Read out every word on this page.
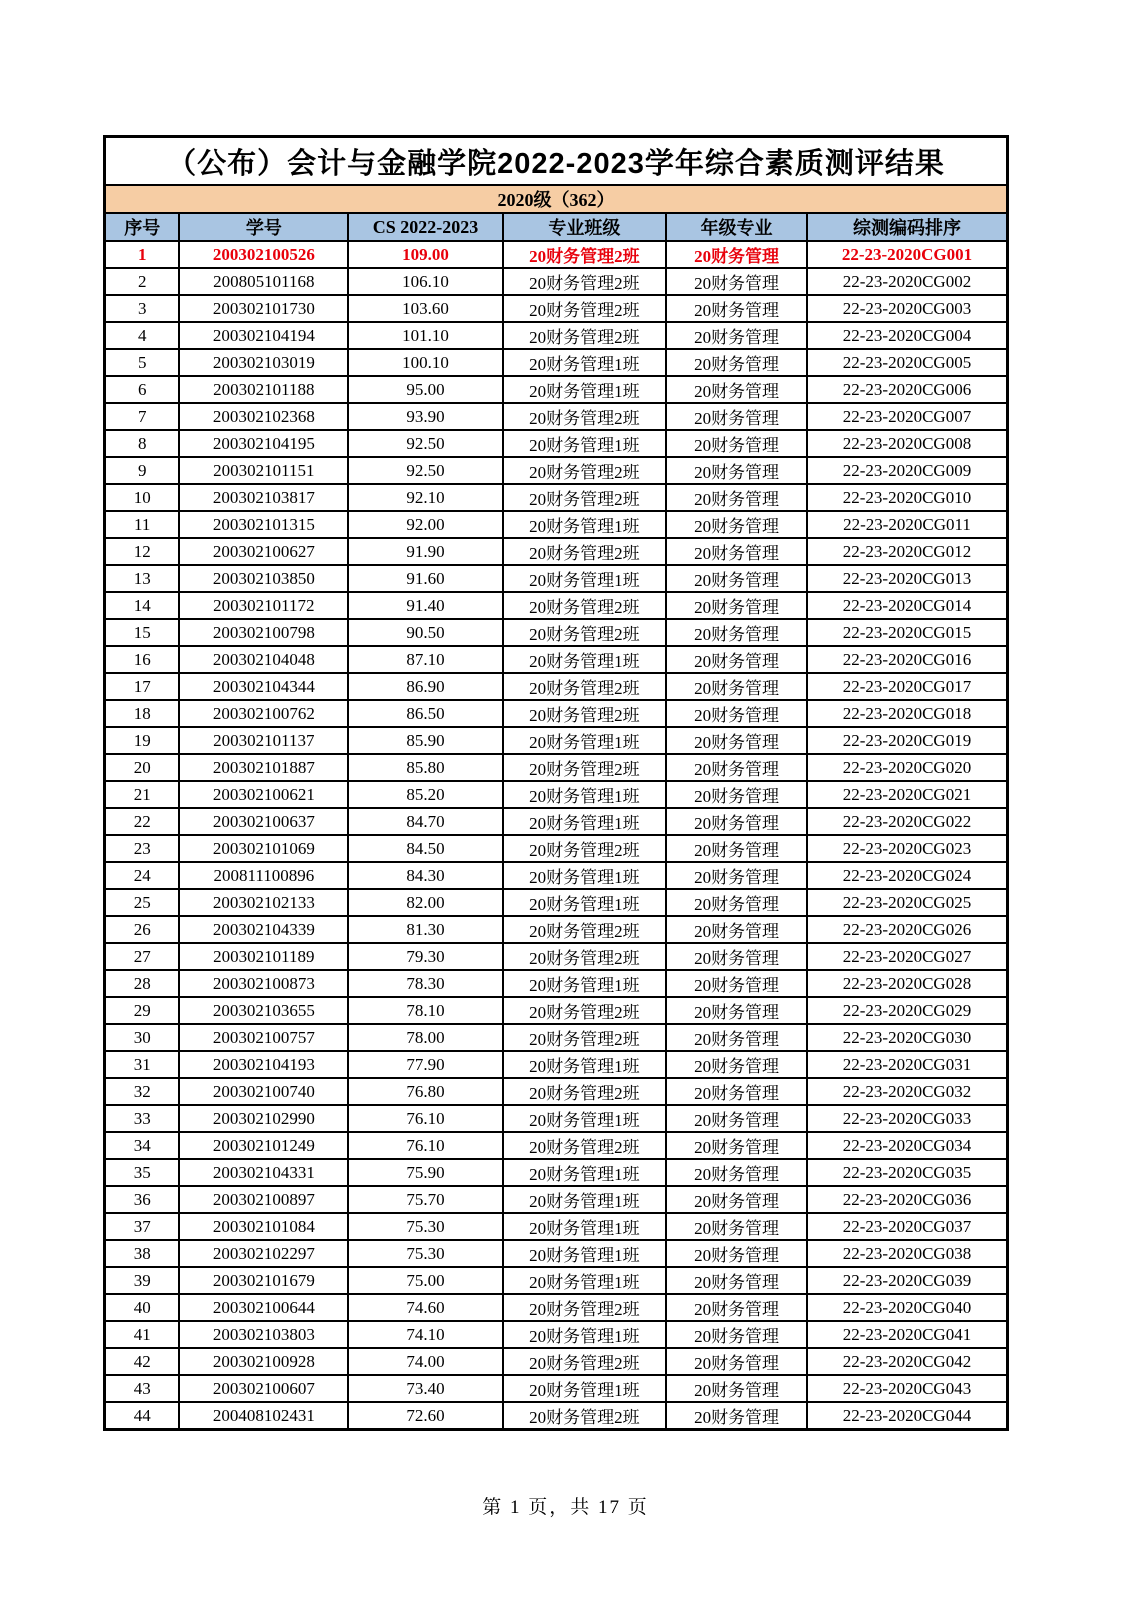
（公布）会计与金融学院2022-2023学年综合素质测评结果					
2020级（362）					
序号	学号	CS 2022-2023	专业班级	年级专业	综测编码排序
1	200302100526	109.00	20财务管理2班	20财务管理	22-23-2020CG001
2	200805101168	106.10	20财务管理2班	20财务管理	22-23-2020CG002
3	200302101730	103.60	20财务管理2班	20财务管理	22-23-2020CG003
4	200302104194	101.10	20财务管理2班	20财务管理	22-23-2020CG004
5	200302103019	100.10	20财务管理1班	20财务管理	22-23-2020CG005
6	200302101188	95.00	20财务管理1班	20财务管理	22-23-2020CG006
7	200302102368	93.90	20财务管理2班	20财务管理	22-23-2020CG007
8	200302104195	92.50	20财务管理1班	20财务管理	22-23-2020CG008
9	200302101151	92.50	20财务管理2班	20财务管理	22-23-2020CG009
10	200302103817	92.10	20财务管理2班	20财务管理	22-23-2020CG010
11	200302101315	92.00	20财务管理1班	20财务管理	22-23-2020CG011
12	200302100627	91.90	20财务管理2班	20财务管理	22-23-2020CG012
13	200302103850	91.60	20财务管理1班	20财务管理	22-23-2020CG013
14	200302101172	91.40	20财务管理2班	20财务管理	22-23-2020CG014
15	200302100798	90.50	20财务管理2班	20财务管理	22-23-2020CG015
16	200302104048	87.10	20财务管理1班	20财务管理	22-23-2020CG016
17	200302104344	86.90	20财务管理2班	20财务管理	22-23-2020CG017
18	200302100762	86.50	20财务管理2班	20财务管理	22-23-2020CG018
19	200302101137	85.90	20财务管理1班	20财务管理	22-23-2020CG019
20	200302101887	85.80	20财务管理2班	20财务管理	22-23-2020CG020
21	200302100621	85.20	20财务管理1班	20财务管理	22-23-2020CG021
22	200302100637	84.70	20财务管理1班	20财务管理	22-23-2020CG022
23	200302101069	84.50	20财务管理2班	20财务管理	22-23-2020CG023
24	200811100896	84.30	20财务管理1班	20财务管理	22-23-2020CG024
25	200302102133	82.00	20财务管理1班	20财务管理	22-23-2020CG025
26	200302104339	81.30	20财务管理2班	20财务管理	22-23-2020CG026
27	200302101189	79.30	20财务管理2班	20财务管理	22-23-2020CG027
28	200302100873	78.30	20财务管理1班	20财务管理	22-23-2020CG028
29	200302103655	78.10	20财务管理2班	20财务管理	22-23-2020CG029
30	200302100757	78.00	20财务管理2班	20财务管理	22-23-2020CG030
31	200302104193	77.90	20财务管理1班	20财务管理	22-23-2020CG031
32	200302100740	76.80	20财务管理2班	20财务管理	22-23-2020CG032
33	200302102990	76.10	20财务管理1班	20财务管理	22-23-2020CG033
34	200302101249	76.10	20财务管理2班	20财务管理	22-23-2020CG034
35	200302104331	75.90	20财务管理1班	20财务管理	22-23-2020CG035
36	200302100897	75.70	20财务管理1班	20财务管理	22-23-2020CG036
37	200302101084	75.30	20财务管理1班	20财务管理	22-23-2020CG037
38	200302102297	75.30	20财务管理1班	20财务管理	22-23-2020CG038
39	200302101679	75.00	20财务管理1班	20财务管理	22-23-2020CG039
40	200302100644	74.60	20财务管理2班	20财务管理	22-23-2020CG040
41	200302103803	74.10	20财务管理1班	20财务管理	22-23-2020CG041
42	200302100928	74.00	20财务管理2班	20财务管理	22-23-2020CG042
43	200302100607	73.40	20财务管理1班	20财务管理	22-23-2020CG043
44	200408102431	72.60	20财务管理2班	20财务管理	22-23-2020CG044
第 1 页，共 17 页
